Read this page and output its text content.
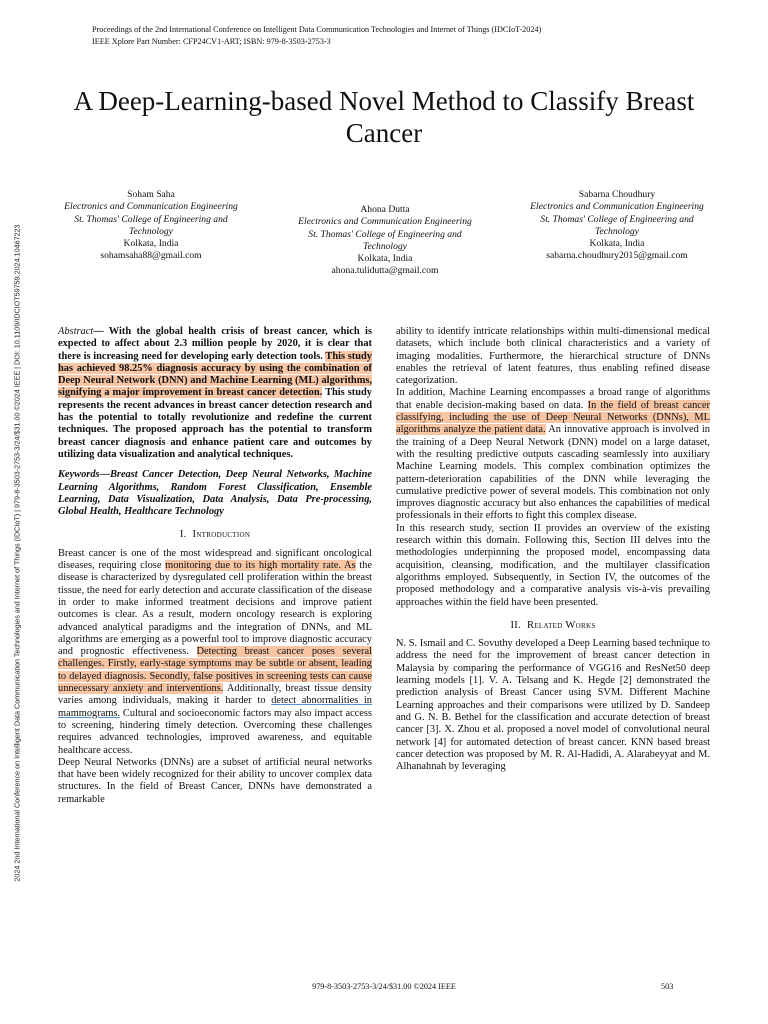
Proceedings of the 2nd International Conference on Intelligent Data Communication Technologies and Internet of Things (IDCIoT-2024)
IEEE Xplore Part Number: CFP24CV1-ART; ISBN: 979-8-3503-2753-3
2024 2nd International Conference on Intelligent Data Communication Technologies and Internet of Things (IDCIoT) | 979-8-3503-2753-3/24/$31.00 ©2024 IEEE | DOI: 10.1109/IDCIOT59759.2024.10467223
A Deep-Learning-based Novel Method to Classify Breast Cancer
Soham Saha
Electronics and Communication Engineering
St. Thomas' College of Engineering and Technology
Kolkata, India
sohamsaha88@gmail.com
Ahona Dutta
Electronics and Communication Engineering
St. Thomas' College of Engineering and Technology
Kolkata, India
ahona.tulidutta@gmail.com
Sabarna Choudhury
Electronics and Communication Engineering
St. Thomas' College of Engineering and Technology
Kolkata, India
sabarna.choudhury2015@gmail.com

Abstract— With the global health crisis of breast cancer, which is expected to affect about 2.3 million people by 2020, it is clear that there is increasing need for developing early detection tools. This study has achieved 98.25% diagnosis accuracy by using the combination of Deep Neural Network (DNN) and Machine Learning (ML) algorithms, signifying a major improvement in breast cancer detection. This study represents the recent advances in breast cancer detection research and has the potential to totally revolutionize and redefine the current techniques. The proposed approach has the potential to transform breast cancer diagnosis and enhance patient care and outcomes by utilizing data visualization and analytical techniques.

Keywords—Breast Cancer Detection, Deep Neural Networks, Machine Learning Algorithms, Random Forest Classification, Ensemble Learning, Data Visualization, Data Analysis, Data Pre-processing, Global Health, Healthcare Technology

I. Introduction

Breast cancer is one of the most widespread and significant oncological diseases, requiring close monitoring due to its high mortality rate. As the disease is characterized by dysregulated cell proliferation within the breast tissue, the need for early detection and accurate classification of the disease in order to make informed treatment decisions and improve patient outcomes is clear. As a result, modern oncology research is exploring advanced analytical paradigms and the integration of DNNs, and ML algorithms are emerging as a powerful tool to improve diagnostic accuracy and prognostic effectiveness. Detecting breast cancer poses several challenges. Firstly, early-stage symptoms may be subtle or absent, leading to delayed diagnosis. Secondly, false positives in screening tests can cause unnecessary anxiety and interventions. Additionally, breast tissue density varies among individuals, making it harder to detect abnormalities in mammograms. Cultural and socioeconomic factors may also impact access to screening, hindering timely detection. Overcoming these challenges requires advanced technologies, improved awareness, and equitable healthcare access.

Deep Neural Networks (DNNs) are a subset of artificial neural networks that have been widely recognized for their ability to uncover complex data structures. In the field of Breast Cancer, DNNs have demonstrated a remarkable

ability to identify intricate relationships within multi-dimensional medical datasets, which include both clinical characteristics and a variety of imaging modalities. Furthermore, the hierarchical structure of DNNs enables the retrieval of latent features, thus enabling refined disease categorization.

In addition, Machine Learning encompasses a broad range of algorithms that enable decision-making based on data. In the field of breast cancer classifying, including the use of Deep Neural Networks (DNNs), ML algorithms analyze the patient data. An innovative approach is involved in the training of a Deep Neural Network (DNN) model on a large dataset, with the resulting predictive outputs cascading seamlessly into auxiliary Machine Learning models. This complex combination optimizes the pattern-deterioration capabilities of the DNN while leveraging the cumulative predictive power of several models. This combination not only improves diagnostic accuracy but also enhances the capabilities of medical professionals in their efforts to fight this complex disease.

In this research study, section II provides an overview of the existing research within this domain. Following this, Section III delves into the methodologies underpinning the proposed model, encompassing data acquisition, cleansing, modification, and the multilayer classification algorithms employed. Subsequently, in Section IV, the outcomes of the proposed methodology and a comparative analysis vis-à-vis prevailing approaches within the field have been presented.

II. Related Works

N. S. Ismail and C. Sovuthy developed a Deep Learning based technique to address the need for the improvement of breast cancer detection in Malaysia by comparing the performance of VGG16 and ResNet50 deep learning models [1]. V. A. Telsang and K. Hegde [2] demonstrated the prediction analysis of Breast Cancer using SVM. Different Machine Learning approaches and their comparisons were utilized by D. Sandeep and G. N. B. Bethel for the classification and accurate detection of breast cancer [3]. X. Zhou et al. proposed a novel model of convolutional neural network [4] for automated detection of breast cancer. KNN based breast cancer detection was proposed by M. R. Al-Hadidi, A. Alarabeyyat and M. Alhanahnah by leveraging

979-8-3503-2753-3/24/$31.00 ©2024 IEEE	503
